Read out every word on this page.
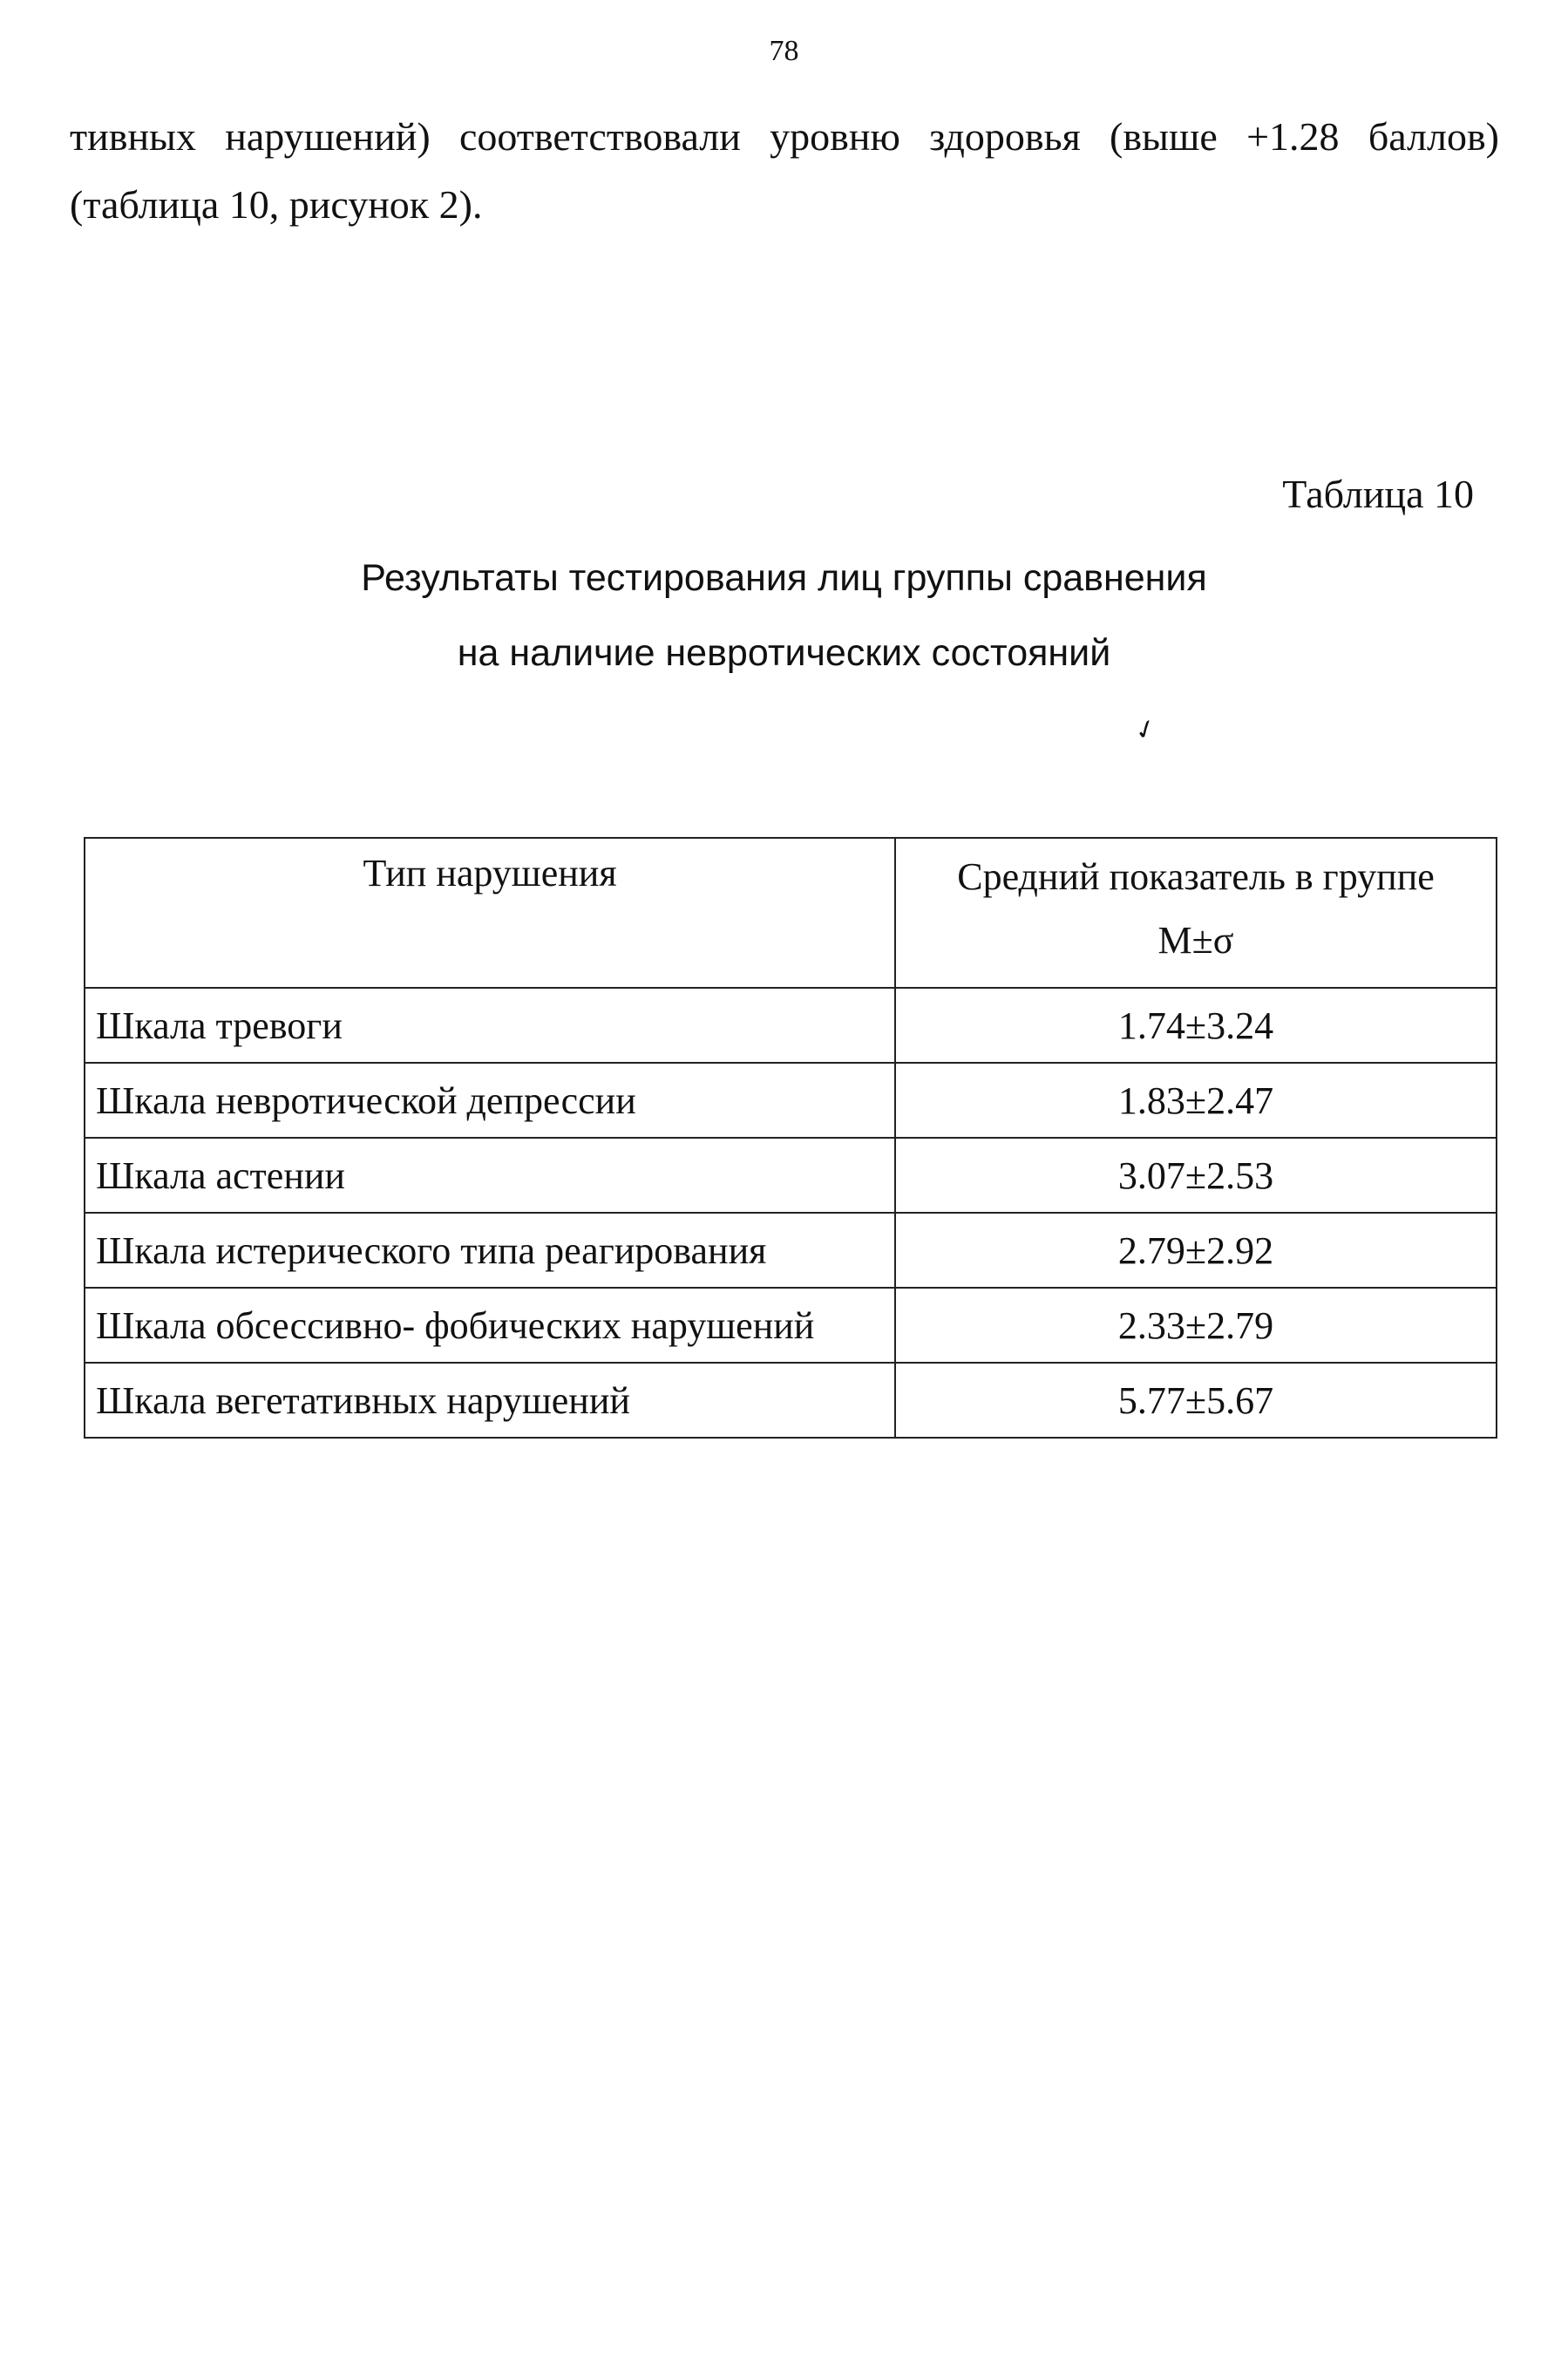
78
тивных нарушений) соответствовали уровню здоровья (выше +1.28 баллов)
(таблица 10, рисунок 2).
Таблица 10
Результаты тестирования лиц группы сравнения
на наличие невротических состояний
✓
Тип нарушения	Средний показатель в группе
M±σ

Шкала тревоги	1.74±3.24
Шкала невротической депрессии	1.83±2.47
Шкала астении	3.07±2.53
Шкала истерического типа реагирования	2.79±2.92
Шкала обсессивно- фобических нарушений	2.33±2.79
Шкала вегетативных нарушений	5.77±5.67
